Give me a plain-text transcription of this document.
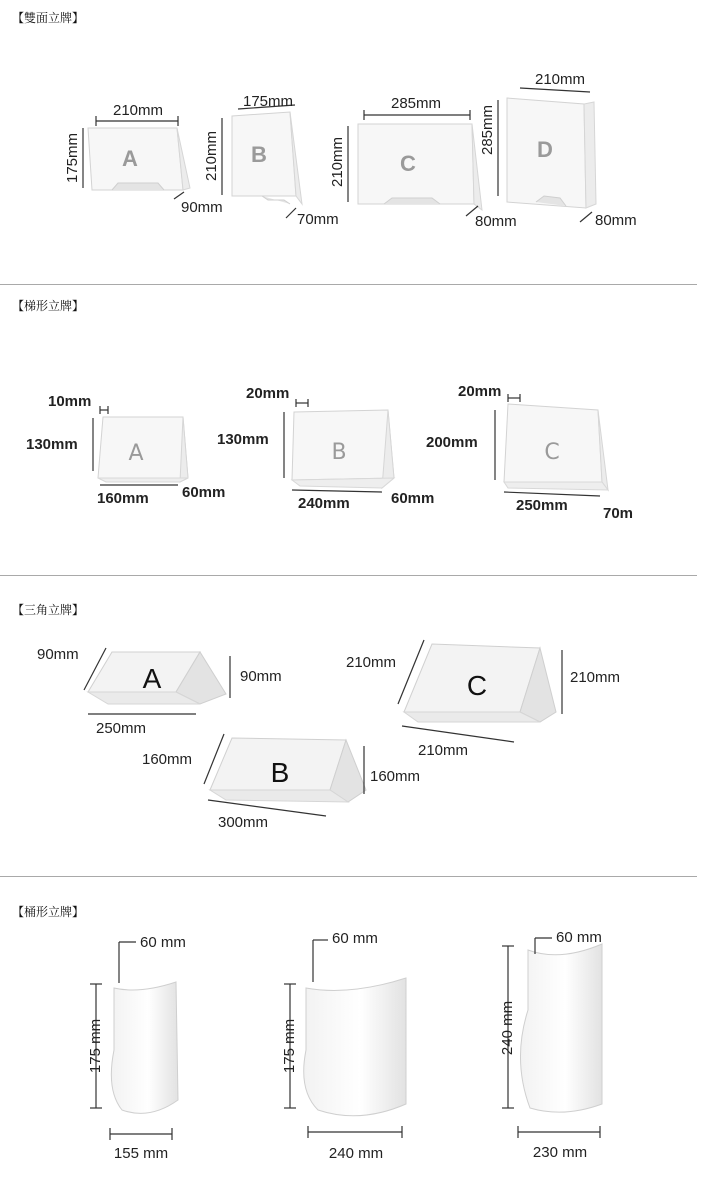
【雙面立牌】
A
210mm
175mm
90mm
B
175mm
210mm
70mm
C
285mm
210mm
80mm
D
210mm
285mm
80mm
【梯形立牌】
A
10mm
130mm
160mm 60mm
B
20mm
130mm
240mm	60mm
C
20mm
200mm
250mm 70m
【三角立牌】
A
90mm
90mm
250mm
B
160mm
160mm
300mm
C
210mm
210mm
210mm
【桶形立牌】
60 mm
175 mm
155 mm
60 mm
175 mm
240 mm
60 mm
240 mm
230 mm
